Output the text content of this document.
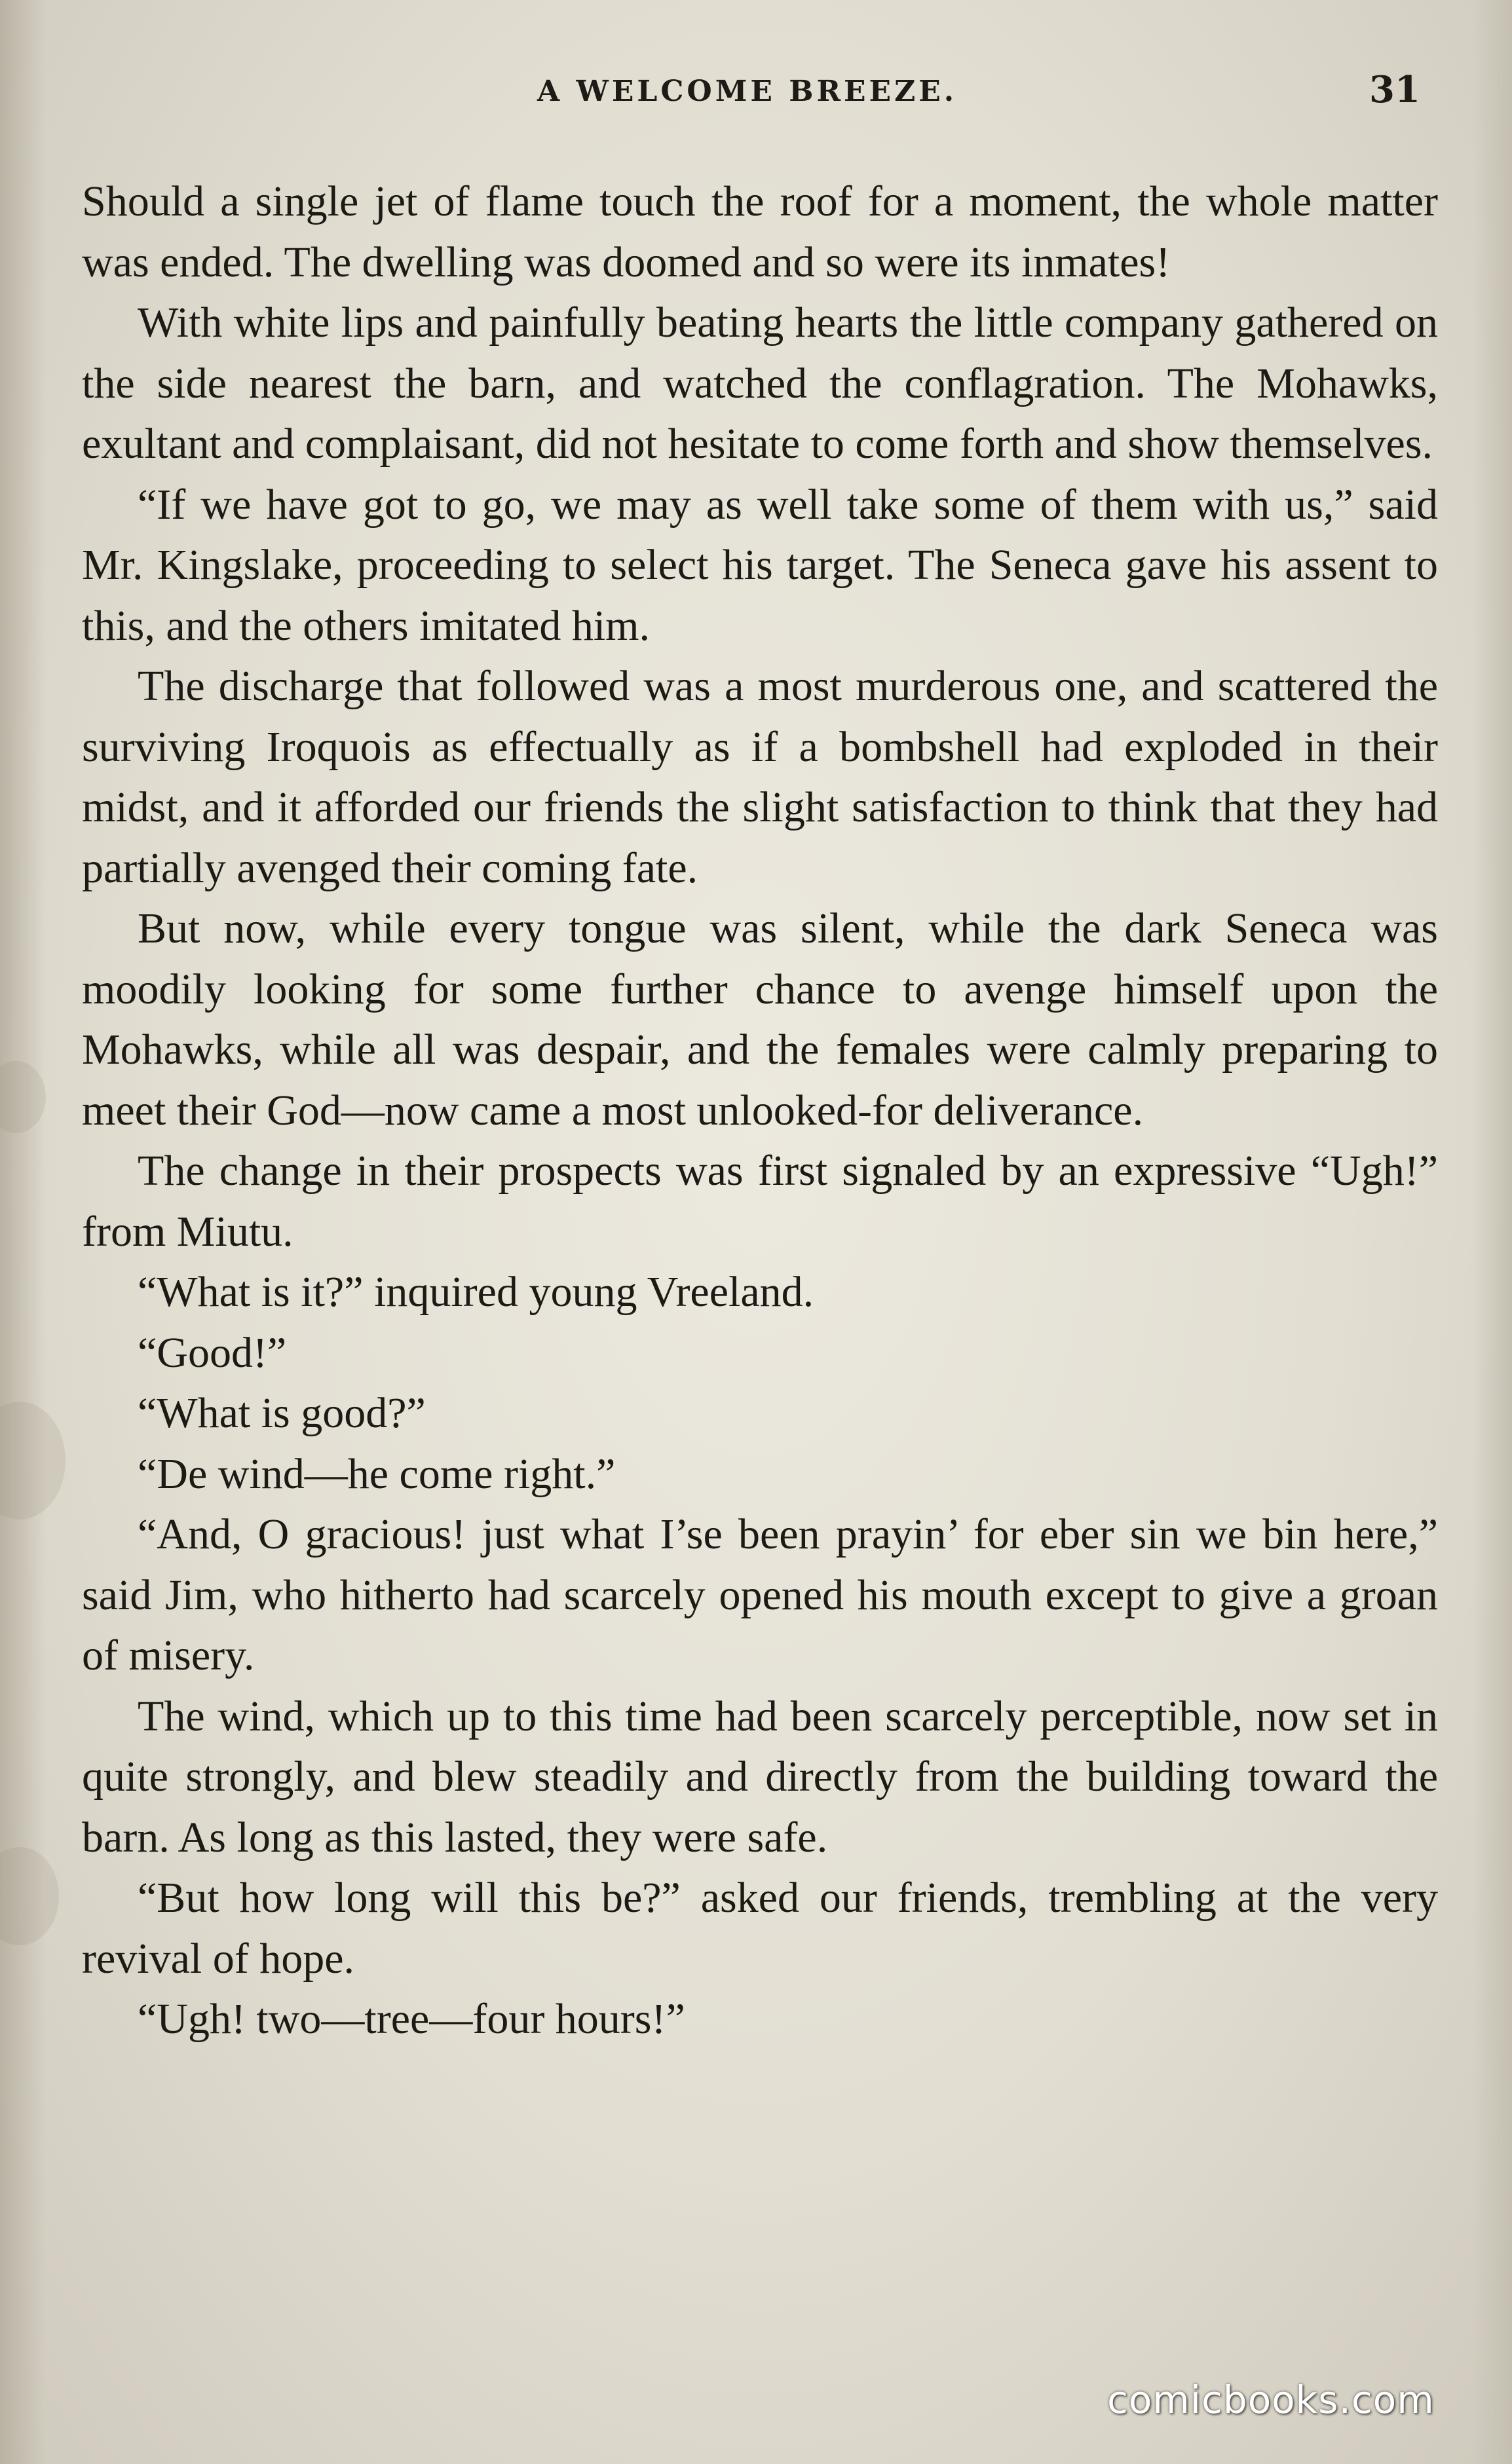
A WELCOME BREEZE.	31

Should a single jet of flame touch the roof for a moment, the whole matter was ended. The dwelling was doomed and so were its inmates!

With white lips and painfully beating hearts the little company gathered on the side nearest the barn, and watched the conflagration. The Mohawks, exultant and complaisant, did not hesitate to come forth and show themselves.

“If we have got to go, we may as well take some of them with us,” said Mr. Kingslake, proceeding to select his target. The Seneca gave his assent to this, and the others imitated him.

The discharge that followed was a most murderous one, and scattered the surviving Iroquois as effectually as if a bombshell had exploded in their midst, and it afforded our friends the slight satisfaction to think that they had partially avenged their coming fate.

But now, while every tongue was silent, while the dark Seneca was moodily looking for some further chance to avenge himself upon the Mohawks, while all was despair, and the females were calmly preparing to meet their God—now came a most unlooked-for deliverance.

The change in their prospects was first signaled by an expressive “Ugh!” from Miutu.

“What is it?” inquired young Vreeland.

“Good!”

“What is good?”

“De wind—he come right.”

“And, O gracious! just what I’se been prayin’ for eber sin we bin here,” said Jim, who hitherto had scarcely opened his mouth except to give a groan of misery.

The wind, which up to this time had been scarcely perceptible, now set in quite strongly, and blew steadily and directly from the building toward the barn. As long as this lasted, they were safe.

“But how long will this be?” asked our friends, trembling at the very revival of hope.

“Ugh! two—tree—four hours!”

comicbooks.com
